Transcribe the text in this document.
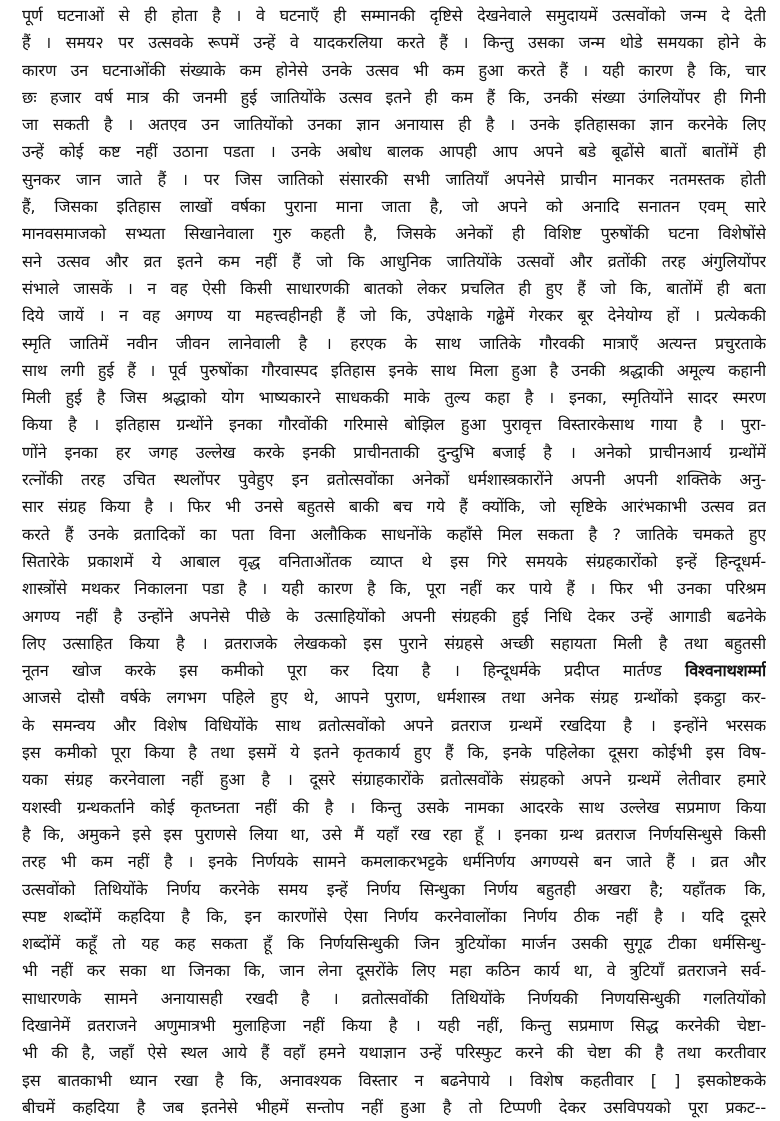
पूर्ण घटनाओं से ही होता है । वे घटनाएँ ही सम्मानकी दृष्टिसे देखनेवाले समुदायमें उत्सवोंको जन्म दे देती
हैं । समय२ पर उत्सवके रूपमें उन्हें वे यादकरलिया करते हैं । किन्तु उसका जन्म थोडे समयका होने के
कारण उन घटनाओंकी संख्याके कम होनेसे उनके उत्सव भी कम हुआ करते हैं । यही कारण है कि, चार
छः हजार वर्ष मात्र की जनमी हुई जातियोंके उत्सव इतने ही कम हैं कि, उनकी संख्या उंगलियोंपर ही गिनी
जा सकती है । अतएव उन जातियोंको उनका ज्ञान अनायास ही है । उनके इतिहासका ज्ञान करनेके लिए
उन्हें कोई कष्ट नहीं उठाना पडता । उनके अबोध बालक आपही आप अपने बडे बूढोंसे बातों बातोंमें ही
सुनकर जान जाते हैं । पर जिस जातिको संसारकी सभी जातियाँ अपनेसे प्राचीन मानकर नतमस्तक होती
हैं, जिसका इतिहास लाखों वर्षका पुराना माना जाता है, जो अपने को अनादि सनातन एवम् सारे
मानवसमाजको सभ्यता सिखानेवाला गुरु कहती है, जिसके अनेकों ही विशिष्ट पुरुषोंकी घटना विशेषोंसे
सने उत्सव और व्रत इतने कम नहीं हैं जो कि आधुनिक जातियोंके उत्सवों और व्रतोंकी तरह अंगुलियोंपर
संभाले जासकें । न वह ऐसी किसी साधारणकी बातको लेकर प्रचलित ही हुए हैं जो कि, बातोंमें ही बता
दिये जायें । न वह अगण्य या महत्त्वहीनही हैं जो कि, उपेक्षाके गढ्ढेमें गेरकर बूर देनेयोग्य हों । प्रत्येककी
स्मृति जातिमें नवीन जीवन लानेवाली है । हरएक के साथ जातिके गौरवकी मात्राएँ अत्यन्त प्रचुरताके
साथ लगी हुई हैं । पूर्व पुरुषोंका गौरवास्पद इतिहास इनके साथ मिला हुआ है उनकी श्रद्धाकी अमूल्य कहानी
मिली हुई है जिस श्रद्धाको योग भाष्यकारने साधककी माके तुल्य कहा है । इनका, स्मृतियोंने सादर स्मरण
किया है । इतिहास ग्रन्थोंने इनका गौरवोंकी गरिमासे बोझिल हुआ पुरावृत्त विस्तारकेसाथ गाया है । पुरा-
णोंने इनका हर जगह उल्लेख करके इनकी प्राचीनताकी दुन्दुभि बजाई है । अनेको प्राचीनआर्य ग्रन्थोंमें
रत्नोंकी तरह उचित स्थलोंपर पुवेहुए इन व्रतोत्सवोंका अनेकों धर्मशास्त्रकारोंने अपनी अपनी शक्तिके अनु-
सार संग्रह किया है । फिर भी उनसे बहुतसे बाकी बच गये हैं क्योंकि, जो सृष्टिके आरंभकाभी उत्सव व्रत
करते हैं उनके व्रतादिकों का पता विना अलौकिक साधनोंके कहाँसे मिल सकता है ? जातिके चमकते हुए
सितारेके प्रकाशमें ये आबाल वृद्ध वनिताओंतक व्याप्त थे इस गिरे समयके संग्रहकारोंको इन्हें हिन्दूधर्म-
शास्त्रोंसे मथकर निकालना पडा है । यही कारण है कि, पूरा नहीं कर पाये हैं । फिर भी उनका परिश्रम
अगण्य नहीं है उन्होंने अपनेसे पीछे के उत्साहियोंको अपनी संग्रहकी हुई निधि देकर उन्हें आगाडी बढनेके
लिए उत्साहित किया है । व्रतराजके लेखकको इस पुराने संग्रहसे अच्छी सहायता मिली है तथा बहुतसी
नूतन खोज करके इस कमीको पूरा कर दिया है । हिन्दूधर्मके प्रदीप्त मार्तण्ड विश्वनाथशर्म्मा
आजसे दोसौ वर्षके लगभग पहिले हुए थे, आपने पुराण, धर्मशास्त्र तथा अनेक संग्रह ग्रन्थोंको इकट्ठा कर-
के समन्वय और विशेष विधियोंके साथ व्रतोत्सवोंको अपने व्रतराज ग्रन्थमें रखदिया है । इन्होंने भरसक
इस कमीको पूरा किया है तथा इसमें ये इतने कृतकार्य हुए हैं कि, इनके पहिलेका दूसरा कोईभी इस विष-
यका संग्रह करनेवाला नहीं हुआ है । दूसरे संग्राहकारोंके व्रतोत्सवोंके संग्रहको अपने ग्रन्थमें लेतीवार हमारे
यशस्वी ग्रन्थकर्ताने कोई कृतघ्नता नहीं की है । किन्तु उसके नामका आदरके साथ उल्लेख सप्रमाण किया
है कि, अमुकने इसे इस पुराणसे लिया था, उसे मैं यहाँ रख रहा हूँ । इनका ग्रन्थ व्रतराज निर्णयसिन्धुसे किसी
तरह भी कम नहीं है । इनके निर्णयके सामने कमलाकरभट्टके धर्मनिर्णय अगण्यसे बन जाते हैं । व्रत और
उत्सवोंको तिथियोंके निर्णय करनेके समय इन्हें निर्णय सिन्धुका निर्णय बहुतही अखरा है; यहाँतक कि,
स्पष्ट शब्दोंमें कहदिया है कि, इन कारणोंसे ऐसा निर्णय करनेवालोंका निर्णय ठीक नहीं है । यदि दूसरे
शब्दोंमें कहूँ तो यह कह सकता हूँ कि निर्णयसिन्धुकी जिन त्रुटियोंका मार्जन उसकी सुगूढ टीका धर्मसिन्धु-
भी नहीं कर सका था जिनका कि, जान लेना दूसरोंके लिए महा कठिन कार्य था, वे त्रुटियाँ व्रतराजने सर्व-
साधारणके सामने अनायासही रखदी है । व्रतोत्सवोंकी तिथियोंके निर्णयकी निणयसिन्धुकी गलतियोंको
दिखानेमें व्रतराजने अणुमात्रभी मुलाहिजा नहीं किया है । यही नहीं, किन्तु सप्रमाण सिद्ध करनेकी चेष्टा-
भी की है, जहाँ ऐसे स्थल आये हैं वहाँ हमने यथाज्ञान उन्हें परिस्फुट करने की चेष्टा की है तथा करतीवार
इस बातकाभी ध्यान रखा है कि, अनावश्यक विस्तार न बढनेपाये । विशेष कहतीवार [ ] इसकोष्टकके
बीचमें कहदिया है जब इतनेसे भीहमें सन्तोप नहीं हुआ है तो टिप्पणी देकर उसविपयको पूरा प्रकट--
